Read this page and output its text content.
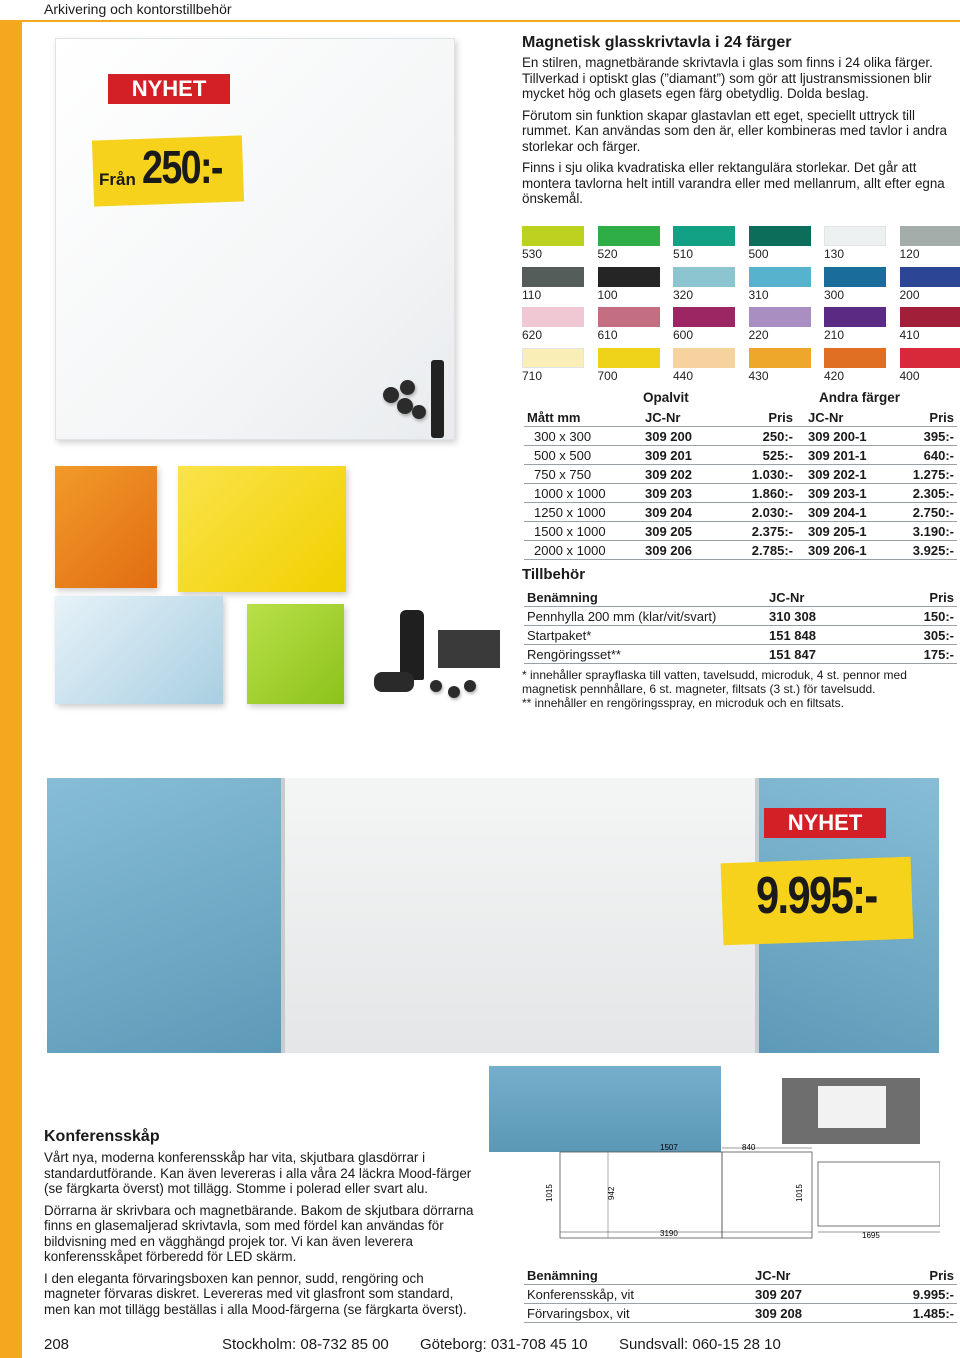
Arkivering och kontorstillbehör
NYHET
Från 250:-
Magnetisk glasskrivtavla i 24 färger

En stilren, magnetbärande skrivtavla i glas som finns i 24 olika färger. Tillverkad i optiskt glas (”diamant”) som gör att ljustransmissionen blir mycket hög och glasets egen färg obetydlig. Dolda beslag.

Förutom sin funktion skapar glastavlan ett eget, speciellt uttryck till rummet. Kan användas som den är, eller kombineras med tavlor i andra storlekar och färger.

Finns i sju olika kvadratiska eller rektangulära storlekar. Det går att montera tavlorna helt intill varandra eller med mellanrum, allt efter egna önskemål.

530	520	510	500	130	120
110	100	320	310	300	200
620	610	600	220	210	410
710	700	440	430	420	400
Opalvit	Andra färger
Mått mm	JC-Nr	Pris	JC-Nr	Pris
300 x 300	309 200	250:-	309 200-1	395:-
500 x 500	309 201	525:-	309 201-1	640:-
750 x 750	309 202	1.030:-	309 202-1	1.275:-
1000 x 1000	309 203	1.860:-	309 203-1	2.305:-
1250 x 1000	309 204	2.030:-	309 204-1	2.750:-
1500 x 1000	309 205	2.375:-	309 205-1	3.190:-
2000 x 1000	309 206	2.785:-	309 206-1	3.925:-
Tillbehör
Benämning	JC-Nr	Pris
Pennhylla 200 mm (klar/vit/svart)	310 308	150:-
Startpaket*	151 848	305:-
Rengöringsset**	151 847	175:-
* innehåller sprayflaska till vatten, tavelsudd, microduk, 4 st. pennor med magnetisk pennhållare, 6 st. magneter, filtsats (3 st.) för tavelsudd.
** innehåller en rengöringsspray, en microduk och en filtsats.
NYHET
9.995:-
Konferensskåp

Vårt nya, moderna konferensskåp har vita, skjutbara glasdörrar i standardutförande. Kan även levereras i alla våra 24 läckra Mood-färger (se färgkarta överst) mot tillägg. Stomme i polerad eller svart alu.

Dörrarna är skrivbara och magnetbärande. Bakom de skjutbara dörrarna finns en glasemaljerad skrivtavla, som med fördel kan användas för bildvisning med en vägghängd projek tor. Vi kan även leverera konferensskåpet förberedd för LED skärm.

I den eleganta förvaringsboxen kan pennor, sudd, rengöring och magneter förvaras diskret. Levereras med vit glasfront som standard, men kan mot tillägg beställas i alla Mood-färgerna (se färgkarta överst).

1507	840
3190	1695
1015	942	1015
Benämning	JC-Nr	Pris
Konferensskåp, vit	309 207	9.995:-
Förvaringsbox, vit	309 208	1.485:-
208	Stockholm: 08-732 85 00 Göteborg: 031-708 45 10 Sundsvall: 060-15 28 10
